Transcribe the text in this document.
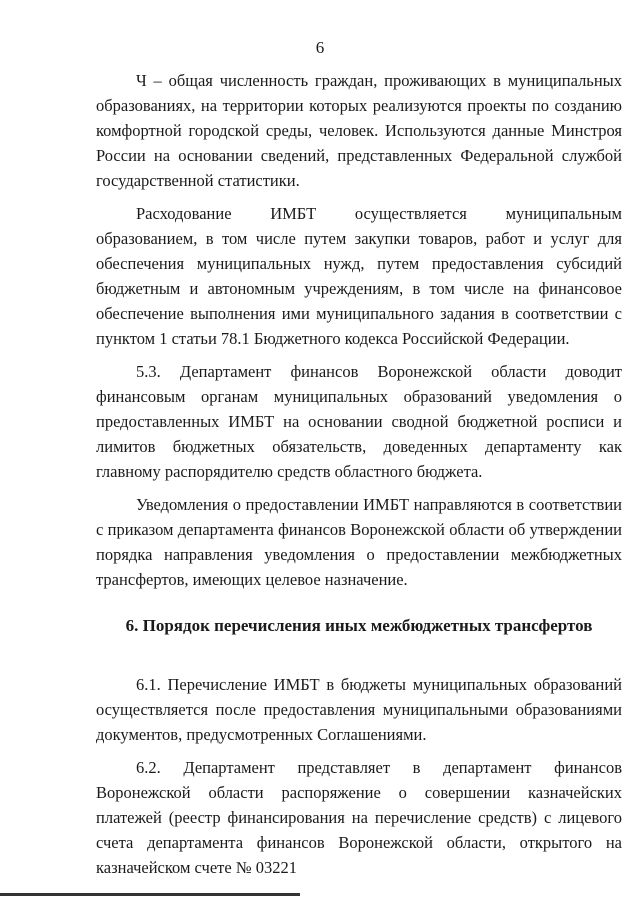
6

Ч – общая численность граждан, проживающих в муниципальных образованиях, на территории которых реализуются проекты по созданию комфортной городской среды, человек. Используются данные Минстроя России на основании сведений, представленных Федеральной службой государственной статистики.

Расходование ИМБТ осуществляется муниципальным образованием, в том числе путем закупки товаров, работ и услуг для обеспечения муниципальных нужд, путем предоставления субсидий бюджетным и автономным учреждениям, в том числе на финансовое обеспечение выполнения ими муниципального задания в соответствии с пунктом 1 статьи 78.1 Бюджетного кодекса Российской Федерации.

5.3. Департамент финансов Воронежской области доводит финансовым органам муниципальных образований уведомления о предоставленных ИМБТ на основании сводной бюджетной росписи и лимитов бюджетных обязательств, доведенных департаменту как главному распорядителю средств областного бюджета.

Уведомления о предоставлении ИМБТ направляются в соответствии с приказом департамента финансов Воронежской области об утверждении порядка направления уведомления о предоставлении межбюджетных трансфертов, имеющих целевое назначение.

6. Порядок перечисления иных межбюджетных трансфертов

6.1. Перечисление ИМБТ в бюджеты муниципальных образований осуществляется после предоставления муниципальными образованиями документов, предусмотренных Соглашениями.

6.2. Департамент представляет в департамент финансов Воронежской области распоряжение о совершении казначейских платежей (реестр финансирования на перечисление средств) с лицевого счета департамента финансов Воронежской области, открытого на казначейском счете № 03221
